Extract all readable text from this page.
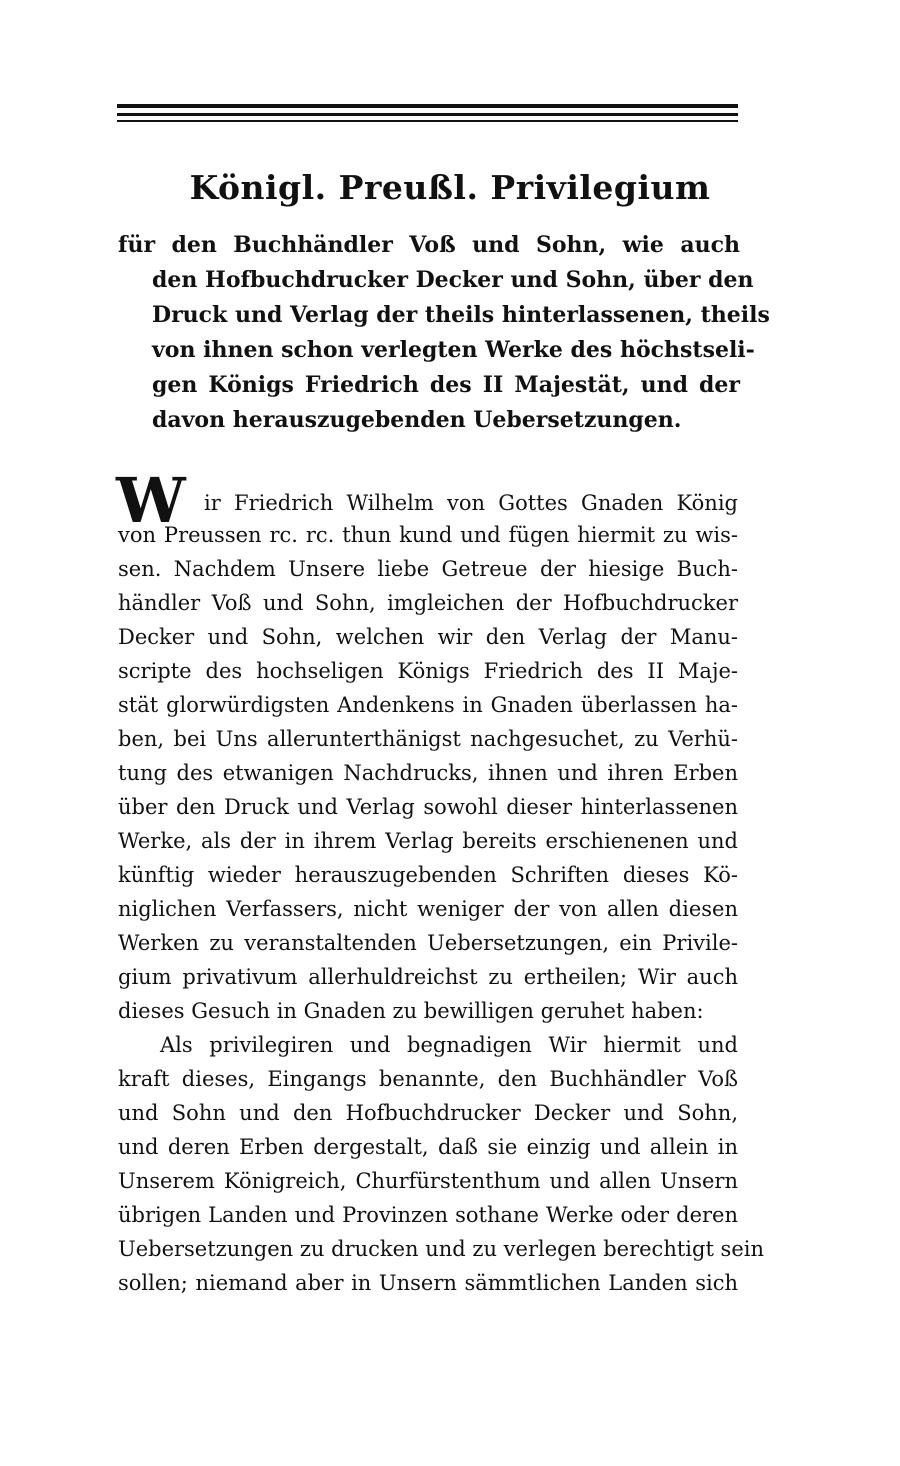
Königl. Preußl. Privilegium
für den Buchhändler Voß und Sohn, wie auch
den Hofbuchdrucker Decker und Sohn, über den
Druck und Verlag der theils hinterlassenen, theils
von ihnen schon verlegten Werke des höchstseli-
gen Königs Friedrich des II Majestät, und der
davon herauszugebenden Uebersetzungen.
W ir Friedrich Wilhelm von Gottes Gnaden König
von Preussen rc. rc. thun kund und fügen hiermit zu wis-
sen. Nachdem Unsere liebe Getreue der hiesige Buch-
händler Voß und Sohn, imgleichen der Hofbuchdrucker
Decker und Sohn, welchen wir den Verlag der Manu-
scripte des hochseligen Königs Friedrich des II Maje-
stät glorwürdigsten Andenkens in Gnaden überlassen ha-
ben, bei Uns allerunterthänigst nachgesuchet, zu Verhü-
tung des etwanigen Nachdrucks, ihnen und ihren Erben
über den Druck und Verlag sowohl dieser hinterlassenen
Werke, als der in ihrem Verlag bereits erschienenen und
künftig wieder herauszugebenden Schriften dieses Kö-
niglichen Verfassers, nicht weniger der von allen diesen
Werken zu veranstaltenden Uebersetzungen, ein Privile-
gium privativum allerhuldreichst zu ertheilen; Wir auch
dieses Gesuch in Gnaden zu bewilligen geruhet haben:
Als privilegiren und begnadigen Wir hiermit und
kraft dieses, Eingangs benannte, den Buchhändler Voß
und Sohn und den Hofbuchdrucker Decker und Sohn,
und deren Erben dergestalt, daß sie einzig und allein in
Unserem Königreich, Churfürstenthum und allen Unsern
übrigen Landen und Provinzen sothane Werke oder deren
Uebersetzungen zu drucken und zu verlegen berechtigt sein
sollen; niemand aber in Unsern sämmtlichen Landen sich
